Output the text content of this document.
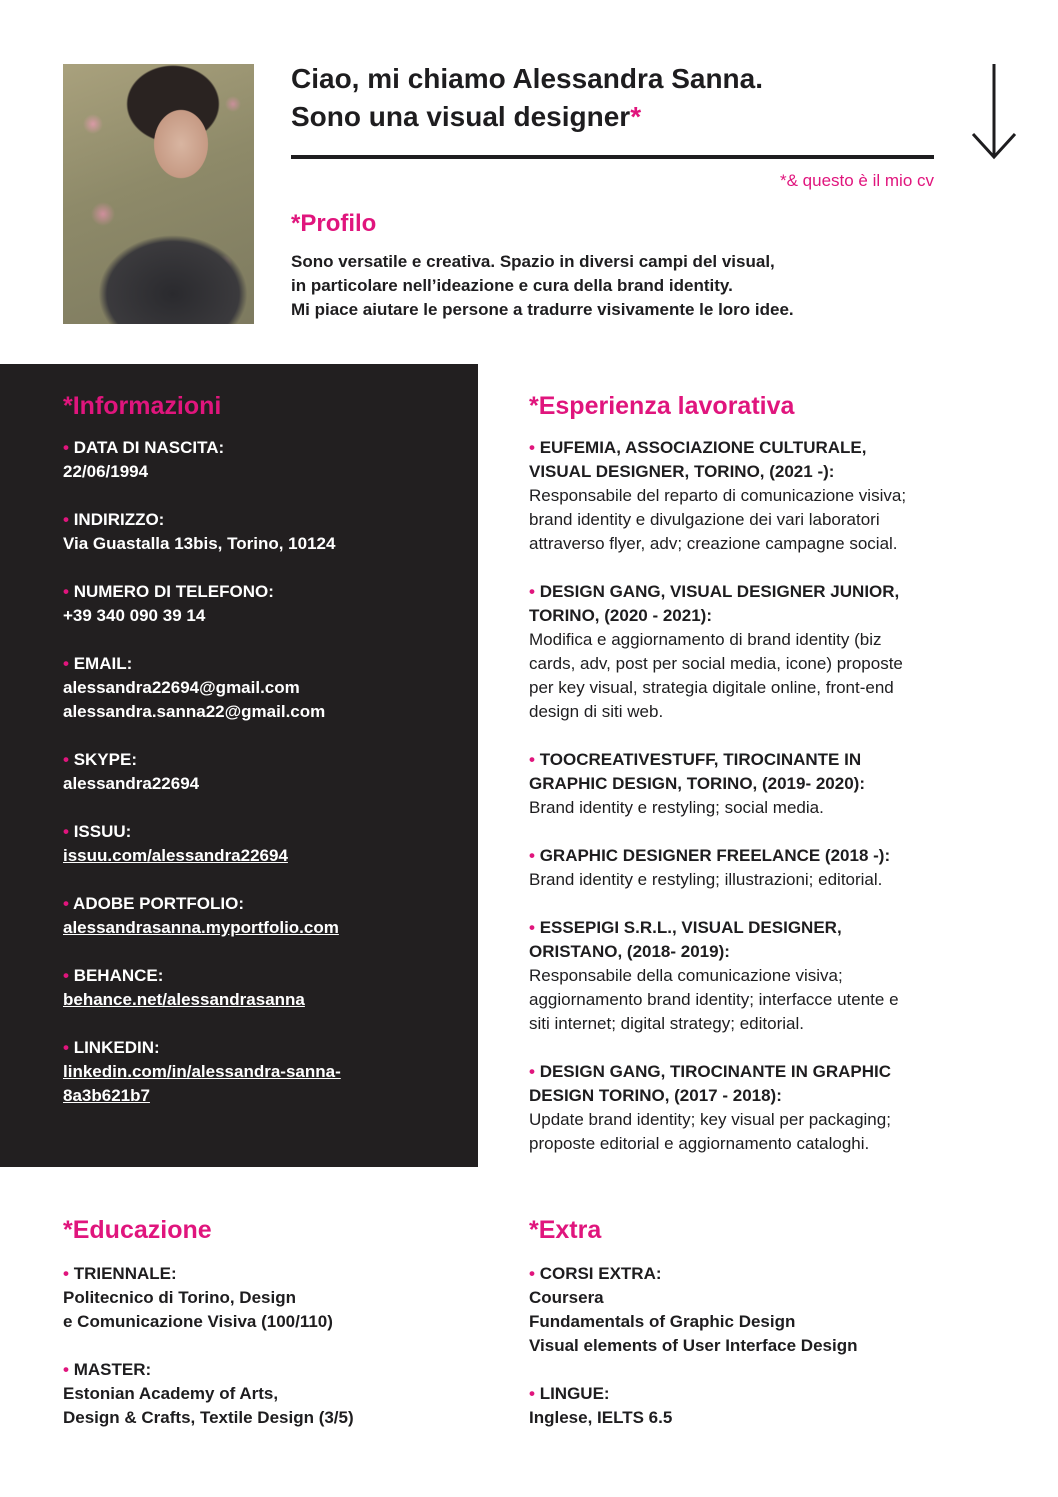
Ciao, mi chiamo Alessandra Sanna.
Sono una visual designer*
*& questo è il mio cv
*Profilo
Sono versatile e creativa. Spazio in diversi campi del visual,
in particolare nell’ideazione e cura della brand identity.
Mi piace aiutare le persone a tradurre visivamente le loro idee.
*Informazioni
• DATA DI NASCITA:
22/06/1994
• INDIRIZZO:
Via Guastalla 13bis, Torino, 10124
• NUMERO DI TELEFONO:
+39 340 090 39 14
• EMAIL:
alessandra22694@gmail.com
alessandra.sanna22@gmail.com
• SKYPE:
alessandra22694
• ISSUU:
issuu.com/alessandra22694
• ADOBE PORTFOLIO:
alessandrasanna.myportfolio.com
• BEHANCE:
behance.net/alessandrasanna
• LINKEDIN:
linkedin.com/in/alessandra-sanna-
8a3b621b7
*Esperienza lavorativa
• EUFEMIA, ASSOCIAZIONE CULTURALE,
VISUAL DESIGNER, TORINO, (2021 -):
Responsabile del reparto di comunicazione visiva;
brand identity e divulgazione dei vari laboratori
attraverso flyer, adv; creazione campagne social.
• DESIGN GANG, VISUAL DESIGNER JUNIOR,
TORINO, (2020 - 2021):
Modifica e aggiornamento di brand identity (biz
cards, adv, post per social media, icone) proposte
per key visual, strategia digitale online, front-end
design di siti web.
• TOOCREATIVESTUFF, TIROCINANTE IN
GRAPHIC DESIGN, TORINO, (2019- 2020):
Brand identity e restyling; social media.
• GRAPHIC DESIGNER FREELANCE (2018 -):
Brand identity e restyling; illustrazioni; editorial.
• ESSEPIGI S.R.L., VISUAL DESIGNER,
ORISTANO, (2018- 2019):
Responsabile della comunicazione visiva;
aggiornamento brand identity; interfacce utente e
siti internet; digital strategy; editorial.
• DESIGN GANG, TIROCINANTE IN GRAPHIC
DESIGN TORINO, (2017 - 2018):
Update brand identity; key visual per packaging;
proposte editorial e aggiornamento cataloghi.
*Educazione
• TRIENNALE:
Politecnico di Torino, Design
e Comunicazione Visiva (100/110)
• MASTER:
Estonian Academy of Arts,
Design & Crafts, Textile Design (3/5)
*Extra
• CORSI EXTRA:
Coursera
Fundamentals of Graphic Design
Visual elements of User Interface Design
• LINGUE:
Inglese, IELTS 6.5
